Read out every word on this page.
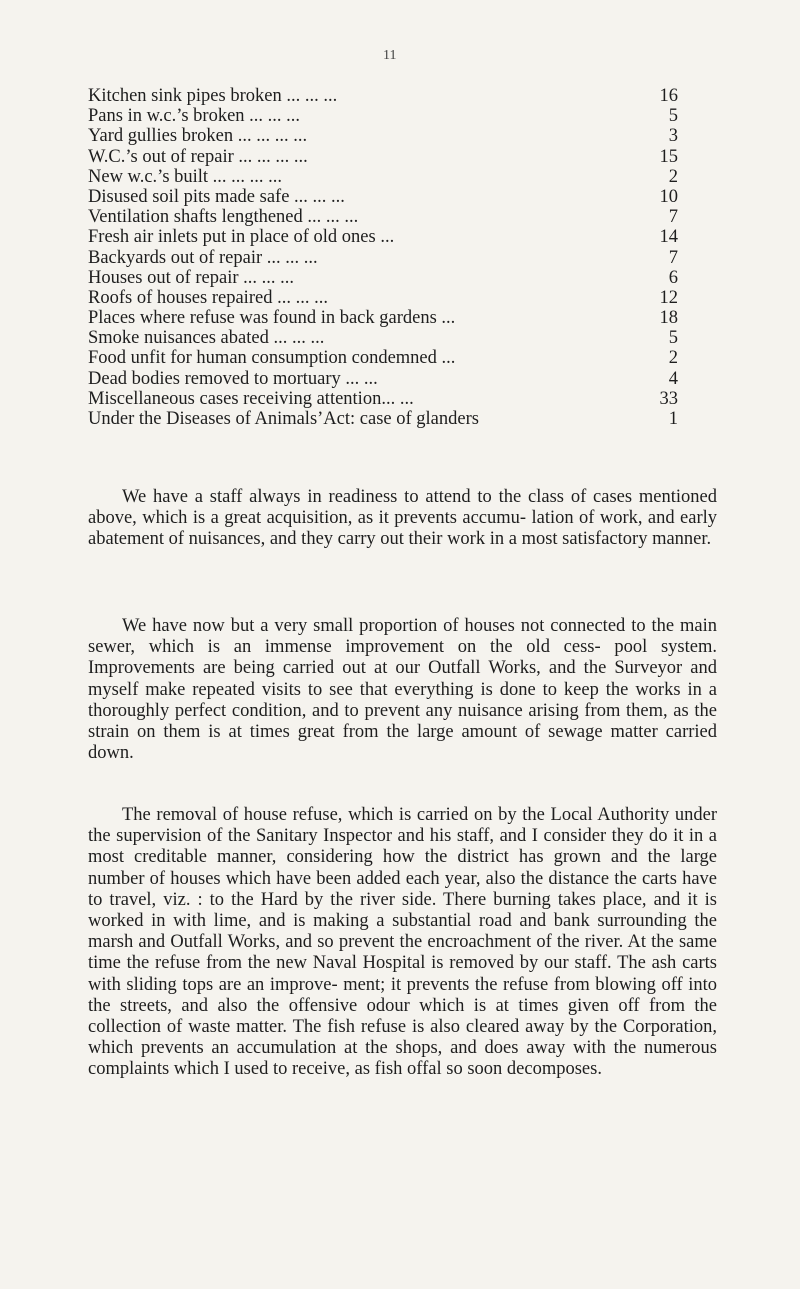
11
Kitchen sink pipes broken ... ... ...	16
Pans in w.c.’s broken ... ... ...	5
Yard gullies broken ... ... ... ...	3
W.C.’s out of repair ... ... ... ...	15
New w.c.’s built ... ... ... ...	2
Disused soil pits made safe ... ... ...	10
Ventilation shafts lengthened ... ... ...	7
Fresh air inlets put in place of old ones ...	14
Backyards out of repair ... ... ...	7
Houses out of repair ... ... ...	6
Roofs of houses repaired ... ... ...	12
Places where refuse was found in back gardens ...	18
Smoke nuisances abated ... ... ...	5
Food unfit for human consumption condemned ...	2
Dead bodies removed to mortuary ... ...	4
Miscellaneous cases receiving attention... ...	33
Under the Diseases of Animals’Act: case of glanders	1

We have a staff always in readiness to attend to the class of cases mentioned above, which is a great acquisition, as it prevents accumu- lation of work, and early abatement of nuisances, and they carry out their work in a most satisfactory manner.

We have now but a very small proportion of houses not connected to the main sewer, which is an immense improvement on the old cess- pool system. Improvements are being carried out at our Outfall Works, and the Surveyor and myself make repeated visits to see that everything is done to keep the works in a thoroughly perfect condition, and to prevent any nuisance arising from them, as the strain on them is at times great from the large amount of sewage matter carried down.

The removal of house refuse, which is carried on by the Local Authority under the supervision of the Sanitary Inspector and his staff, and I consider they do it in a most creditable manner, considering how the district has grown and the large number of houses which have been added each year, also the distance the carts have to travel, viz. : to the Hard by the river side. There burning takes place, and it is worked in with lime, and is making a substantial road and bank surrounding the marsh and Outfall Works, and so prevent the encroachment of the river. At the same time the refuse from the new Naval Hospital is removed by our staff. The ash carts with sliding tops are an improve- ment; it prevents the refuse from blowing off into the streets, and also the offensive odour which is at times given off from the collection of waste matter. The fish refuse is also cleared away by the Corporation, which prevents an accumulation at the shops, and does away with the numerous complaints which I used to receive, as fish offal so soon decomposes.
